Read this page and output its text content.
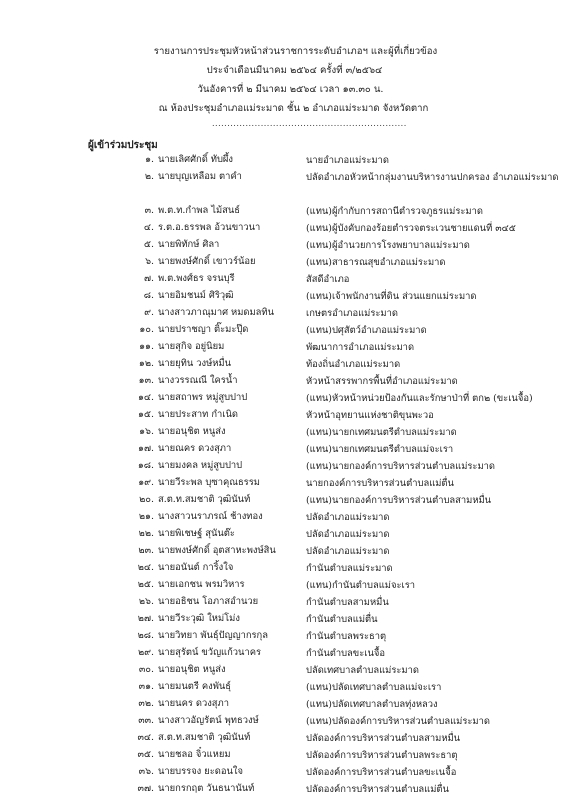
รายงานการประชุมหัวหน้าส่วนราชการระดับอำเภอฯ และผู้ที่เกี่ยวข้อง
ประจำเดือนมีนาคม ๒๕๖๔ ครั้งที่ ๓/๒๕๖๔
วันอังคารที่ ๒ มีนาคม ๒๕๖๔ เวลา ๑๓.๓๐ น.
ณ ห้องประชุมอำเภอแม่ระมาด ชั้น ๒ อำเภอแม่ระมาด จังหวัดตาก
................................................................
ผู้เข้าร่วมประชุม
๑. นายเลิศศักดิ์ ทับผึ้ง	นายอำเภอแม่ระมาด
๒. นายบุญเหลือม ตาคำ	ปลัดอำเภอหัวหน้ากลุ่มงานบริหารงานปกครอง อำเภอแม่ระมาด
๓. พ.ต.ท.กำพล ไม้สนธ์	(แทน)ผู้กำกับการสถานีตำรวจภูธรแม่ระมาด
๔. ร.ต.อ.ธรรพล อ้วนขาวนา	(แทน)ผู้บังคับกองร้อยตำรวจตระเวนชายแดนที่ ๓๔๕
๕. นายพิทักษ์ ศิลา	(แทน)ผู้อำนวยการโรงพยาบาลแม่ระมาด
๖. นายพงษ์ศักดิ์ เขาวร์น้อย	(แทน)สาธารณสุขอำเภอแม่ระมาด
๗. พ.ต.พงศ์ธร จรนบุรี	สัสดีอำเภอ
๘. นายอิมชนม์ ศิริวุฒิ	(แทน)เจ้าพนักงานที่ดิน ส่วนแยกแม่ระมาด
๙. นางสาวภาณุมาศ หมดมลทิน	เกษตรอำเภอแม่ระมาด
๑๐. นายปราชญา ติ๊ะมะปุ๊ด	(แทน)ปศุสัตว์อำเภอแม่ระมาด
๑๑. นายสุกิจ อยู่นิยม	พัฒนาการอำเภอแม่ระมาด
๑๒. นายยุทิน วงษ์หมื่น	ท้องถิ่นอำเภอแม่ระมาด
๑๓. นางวรรณณี ใครน้ำ	หัวหน้าสรรพากรพื้นที่อำเภอแม่ระมาด
๑๔. นายสถาพร หมู่สูบปาป	(แทน)หัวหน้าหน่วยป้องกันและรักษาป่าที่ ตก๒ (ขะเนจื้อ)
๑๕. นายประสาท กำเนิด	หัวหน้าอุทยานแห่งชาติขุนพะวอ
๑๖. นายอนุชิต หนูส่ง	(แทน)นายกเทศมนตรีตำบลแม่ระมาด
๑๗. นายณคร ดวงสุภา	(แทน)นายกเทศมนตรีตำบลแม่จะเรา
๑๘. นายมงคล หมู่สูบปาป	(แทน)นายกองค์การบริหารส่วนตำบลแม่ระมาด
๑๙. นายวีระพล บุซาคุณธรรม	นายกองค์การบริหารส่วนตำบลแม่ตื่น
๒๐. ส.ต.ท.สมชาติ วุฒินันท์	(แทน)นายกองค์การบริหารส่วนตำบลสามหมื่น
๒๑. นางสาวนราภรณ์ ช้างทอง	ปลัดอำเภอแม่ระมาด
๒๒. นายพิเชษฐ์ สุนันต๊ะ	ปลัดอำเภอแม่ระมาด
๒๓. นายพงษ์ศักดิ์ อุตสาหะพงษ์สิน	ปลัดอำเภอแม่ระมาด
๒๔. นายอนันต์ การิ้งใจ	กำนันตำบลแม่ระมาด
๒๕. นายเอกชน พรมวิหาร	(แทน)กำนันตำบลแม่จะเรา
๒๖. นายอธิชน โอภาสอำนวย	กำนันตำบลสามหมื่น
๒๗. นายวีระวุฒิ ใหม่โม่ง	กำนันตำบลแม่ตื่น
๒๘. นายวิทยา พันธุ์ปัญญากรกุล	กำนันตำบลพระธาตุ
๒๙. นายสุรัตน์ ขวัญแก้วนาคร	กำนันตำบลขะเนจื้อ
๓๐. นายอนุชิต หนูส่ง	ปลัดเทศบาลตำบลแม่ระมาด
๓๑. นายมนตรี คงพันธุ์	(แทน)ปลัดเทศบาลตำบลแม่จะเรา
๓๒. นายนคร ดวงสุภา	(แทน)ปลัดเทศบาลตำบลทุ่งหลวง
๓๓. นางสาวอัญรัตน์ พุทธวงษ์	(แทน)ปลัดองค์การบริหารส่วนตำบลแม่ระมาด
๓๔. ส.ต.ท.สมชาติ วุฒินันท์	ปลัดองค์การบริหารส่วนตำบลสามหมื่น
๓๕. นายชลอ จิ๋วแหยม	ปลัดองค์การบริหารส่วนตำบลพระธาตุ
๓๖. นายบรรจง ยะดอนใจ	ปลัดองค์การบริหารส่วนตำบลขะเนจื้อ
๓๗. นายกรกฤต วันธนานันท์	ปลัดองค์การบริหารส่วนตำบลแม่ตื่น
